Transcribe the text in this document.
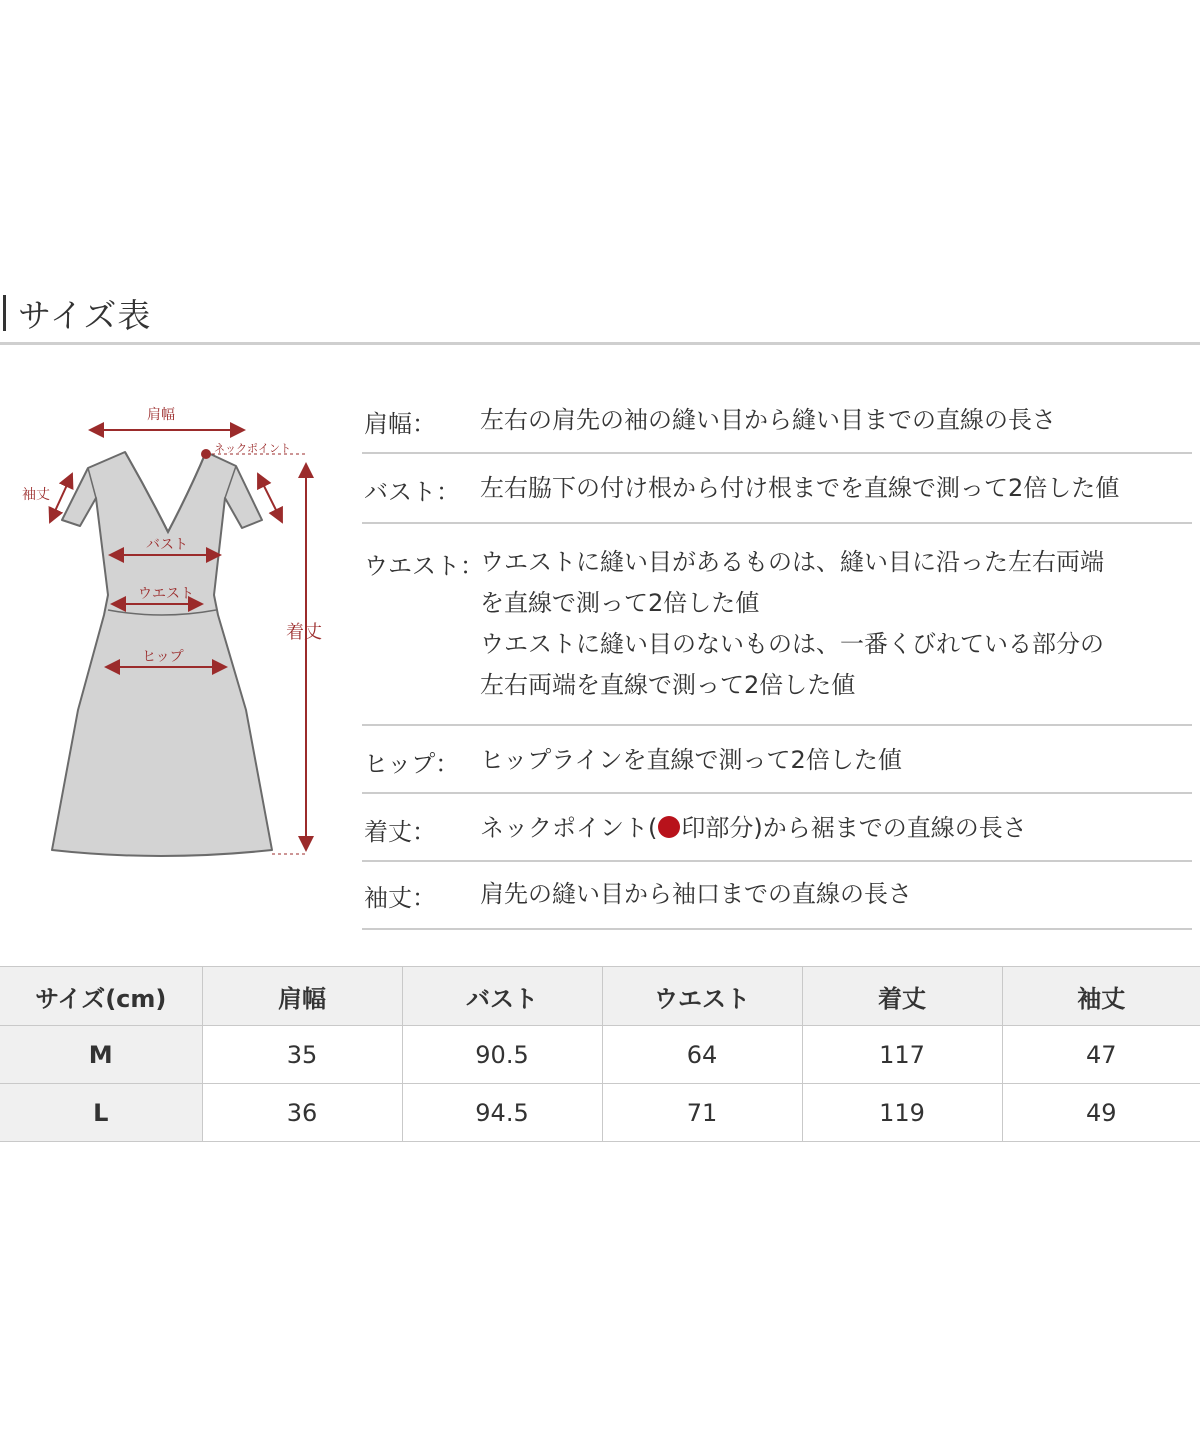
サイズ表
肩幅
ネックポイント
袖丈
バスト
ウエスト
ヒップ
着丈
肩幅： 左右の肩先の袖の縫い目から縫い目までの直線の長さ
バスト： 左右脇下の付け根から付け根までを直線で測って2倍した値
ウエスト：
ウエストに縫い目があるものは、縫い目に沿った左右両端
を直線で測って2倍した値
ウエストに縫い目のないものは、一番くびれている部分の
左右両端を直線で測って2倍した値
ヒップ： ヒップラインを直線で測って2倍した値
着丈： ネックポイント( 印部分)から裾までの直線の長さ
袖丈： 肩先の縫い目から袖口までの直線の長さ
サイズ(cm)	肩幅	バスト	ウエスト	着丈	袖丈
M	35	90.5	64	117	47
L	36	94.5	71	119	49
